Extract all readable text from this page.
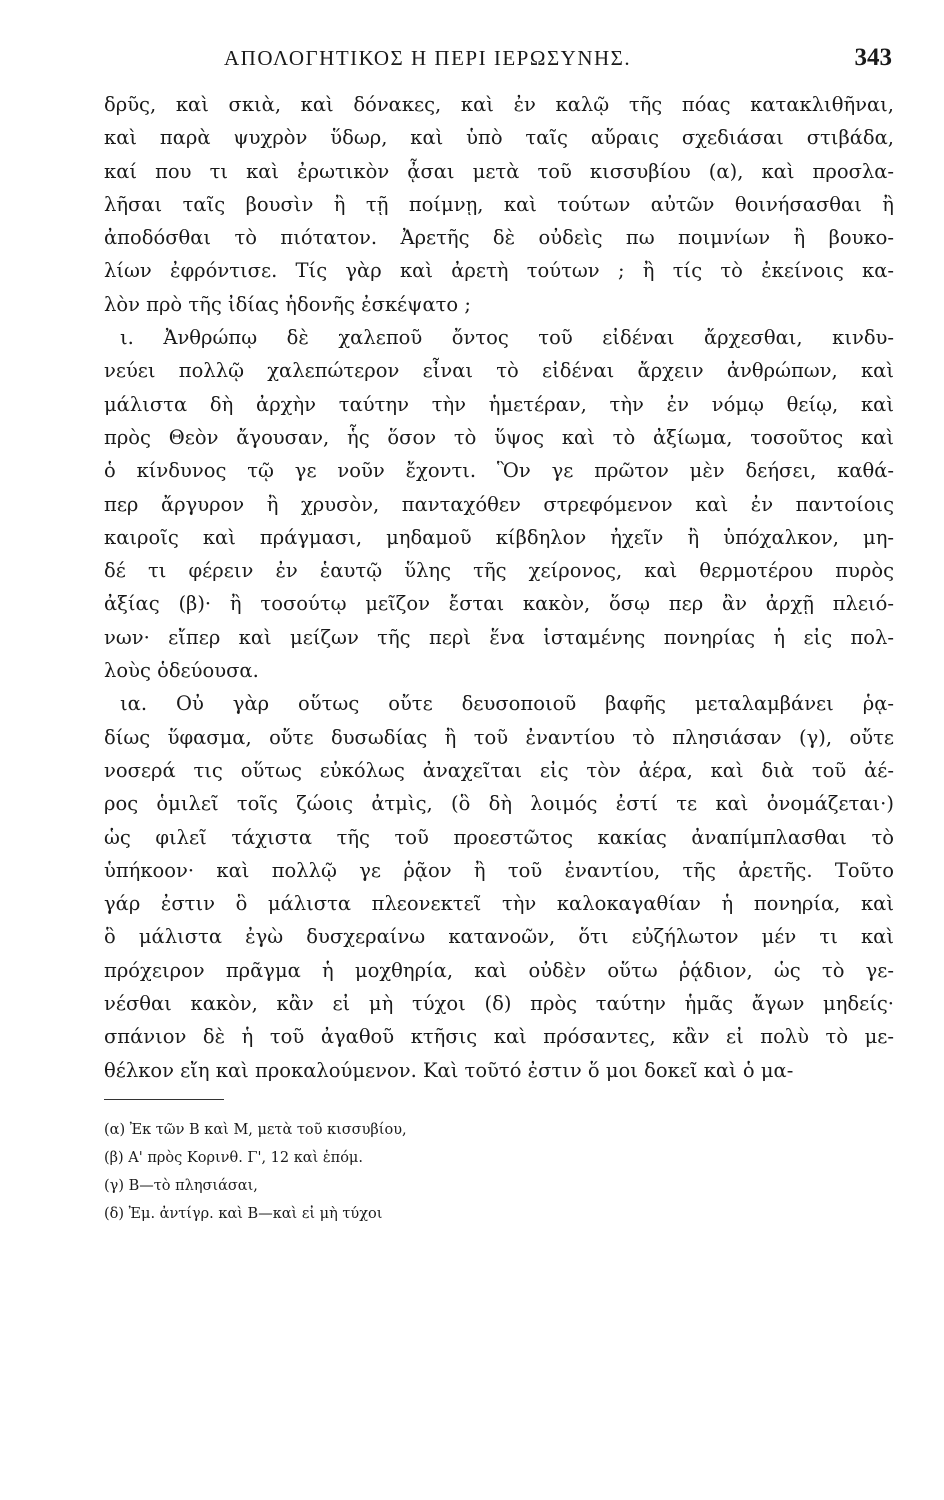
ΑΠΟΛΟΓΗΤΙΚΟΣ Η ΠΕΡΙ ΙΕΡΩΣΥΝΗΣ.	343
δρῦς, καὶ σκιὰ, καὶ δόνακες, καὶ ἐν καλῷ τῆς πόας κατακλιθῆναι,
καὶ παρὰ ψυχρὸν ὕδωρ, καὶ ὑπὸ ταῖς αὔραις σχεδιάσαι στιβάδα,
καί που τι καὶ ἐρωτικὸν ᾆσαι μετὰ τοῦ κισσυβίου (α), καὶ προσλα-
λῆσαι ταῖς βουσὶν ἢ τῇ ποίμνῃ, καὶ τούτων αὐτῶν θοινήσασθαι ἢ
ἀποδόσθαι τὸ πιότατον. Ἀρετῆς δὲ οὐδεὶς πω ποιμνίων ἢ βουκο-
λίων ἐφρόντισε. Τίς γὰρ καὶ ἀρετὴ τούτων ; ἢ τίς τὸ ἐκείνοις κα-
λὸν πρὸ τῆς ἰδίας ἡδονῆς ἐσκέψατο ;
ι. Ἀνθρώπῳ δὲ χαλεποῦ ὄντος τοῦ εἰδέναι ἄρχεσθαι, κινδυ-
νεύει πολλῷ χαλεπώτερον εἶναι τὸ εἰδέναι ἄρχειν ἀνθρώπων, καὶ
μάλιστα δὴ ἀρχὴν ταύτην τὴν ἡμετέραν, τὴν ἐν νόμῳ θείῳ, καὶ
πρὸς Θεὸν ἄγουσαν, ἧς ὅσον τὸ ὕψος καὶ τὸ ἀξίωμα, τοσοῦτος καὶ
ὁ κίνδυνος τῷ γε νοῦν ἔχοντι. Ὃν γε πρῶτον μὲν δεήσει, καθά-
περ ἄργυρον ἢ χρυσὸν, πανταχόθεν στρεφόμενον καὶ ἐν παντοίοις
καιροῖς καὶ πράγμασι, μηδαμοῦ κίβδηλον ἠχεῖν ἢ ὑπόχαλκον, μη-
δέ τι φέρειν ἐν ἑαυτῷ ὕλης τῆς χείρονος, καὶ θερμοτέρου πυρὸς
ἀξίας (β)· ἢ τοσούτῳ μεῖζον ἔσται κακὸν, ὅσῳ περ ἂν ἀρχῇ πλειό-
νων· εἴπερ καὶ μείζων τῆς περὶ ἕνα ἱσταμένης πονηρίας ἡ εἰς πολ-
λοὺς ὁδεύουσα.
ια. Οὐ γὰρ οὕτως οὔτε δευσοποιοῦ βαφῆς μεταλαμβάνει ῥᾳ-
δίως ὕφασμα, οὔτε δυσωδίας ἢ τοῦ ἐναντίου τὸ πλησιάσαν (γ), οὔτε
νοσερά τις οὕτως εὐκόλως ἀναχεῖται εἰς τὸν ἀέρα, καὶ διὰ τοῦ ἀέ-
ρος ὁμιλεῖ τοῖς ζώοις ἀτμὶς, (ὃ δὴ λοιμός ἐστί τε καὶ ὀνομάζεται·)
ὡς φιλεῖ τάχιστα τῆς τοῦ προεστῶτος κακίας ἀναπίμπλασθαι τὸ
ὑπήκοον· καὶ πολλῷ γε ῥᾷον ἢ τοῦ ἐναντίου, τῆς ἀρετῆς. Τοῦτο
γάρ ἐστιν ὃ μάλιστα πλεονεκτεῖ τὴν καλοκαγαθίαν ἡ πονηρία, καὶ
ὃ μάλιστα ἐγὼ δυσχεραίνω κατανοῶν, ὅτι εὐζήλωτον μέν τι καὶ
πρόχειρον πρᾶγμα ἡ μοχθηρία, καὶ οὐδὲν οὕτω ῥᾴδιον, ὡς τὸ γε-
νέσθαι κακὸν, κἂν εἰ μὴ τύχοι (δ) πρὸς ταύτην ἡμᾶς ἄγων μηδείς·
σπάνιον δὲ ἡ τοῦ ἀγαθοῦ κτῆσις καὶ πρόσαντες, κἂν εἰ πολὺ τὸ με-
θέλκον εἴη καὶ προκαλούμενον. Καὶ τοῦτό ἐστιν ὅ μοι δοκεῖ καὶ ὁ μα-
(α) Ἐκ τῶν Β καὶ Μ, μετὰ τοῦ κισσυβίου,
(β) Α' πρὸς Κορινθ. Γ', 12 καὶ ἑπόμ.
(γ) Β—τὸ πλησιάσαι,
(δ) Ἐμ. ἀντίγρ. καὶ Β—καὶ εἰ μὴ τύχοι
